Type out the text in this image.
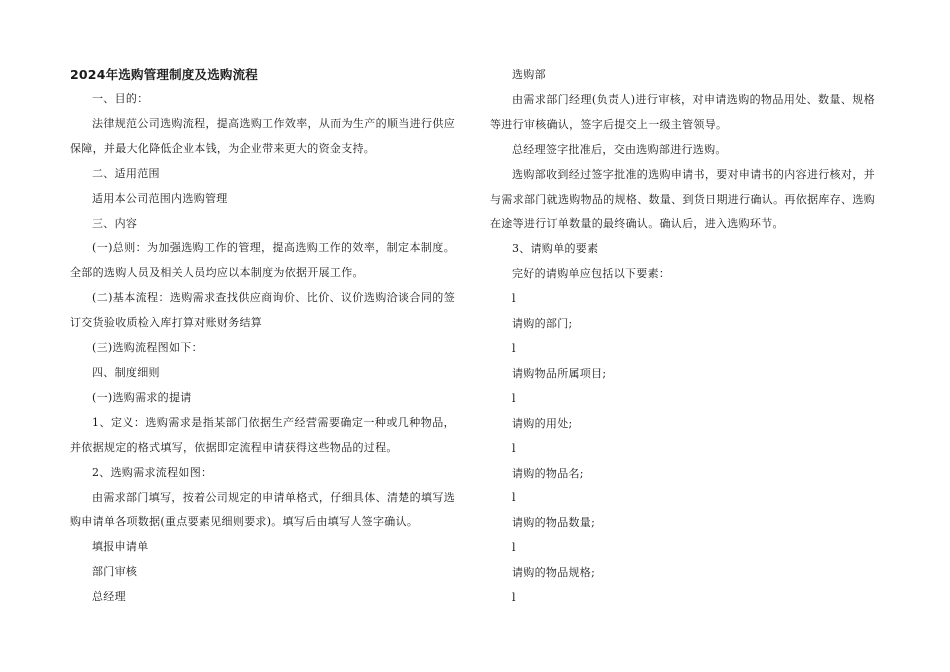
2024年选购管理制度及选购流程

一、目的：

法律规范公司选购流程，提高选购工作效率，从而为生产的顺当进行供应保障，并最大化降低企业本钱，为企业带来更大的资金支持。

二、适用范围

适用本公司范围内选购管理

三、内容

(一)总则：为加强选购工作的管理，提高选购工作的效率，制定本制度。全部的选购人员及相关人员均应以本制度为依据开展工作。

(二)基本流程：选购需求查找供应商询价、比价、议价选购洽谈合同的签订交货验收质检入库打算对账财务结算

(三)选购流程图如下：

四、制度细则

(一)选购需求的提请

1、定义：选购需求是指某部门依据生产经营需要确定一种或几种物品，并依据规定的格式填写，依据即定流程申请获得这些物品的过程。

2、选购需求流程如图：

由需求部门填写，按着公司规定的申请单格式，仔细具体、清楚的填写选购申请单各项数据(重点要素见细则要求)。填写后由填写人签字确认。

填报申请单

部门审核

总经理

选购部

由需求部门经理(负责人)进行审核，对申请选购的物品用处、数量、规格等进行审核确认，签字后提交上一级主管领导。

总经理签字批准后，交由选购部进行选购。

选购部收到经过签字批准的选购申请书，要对申请书的内容进行核对，并与需求部门就选购物品的规格、数量、到货日期进行确认。再依据库存、选购在途等进行订单数量的最终确认。确认后，进入选购环节。

3、请购单的要素

完好的请购单应包括以下要素：

l

请购的部门;

l

请购物品所属项目;

l

请购的用处;

l

请购的物品名;

l

请购的物品数量;

l

请购的物品规格;

l
